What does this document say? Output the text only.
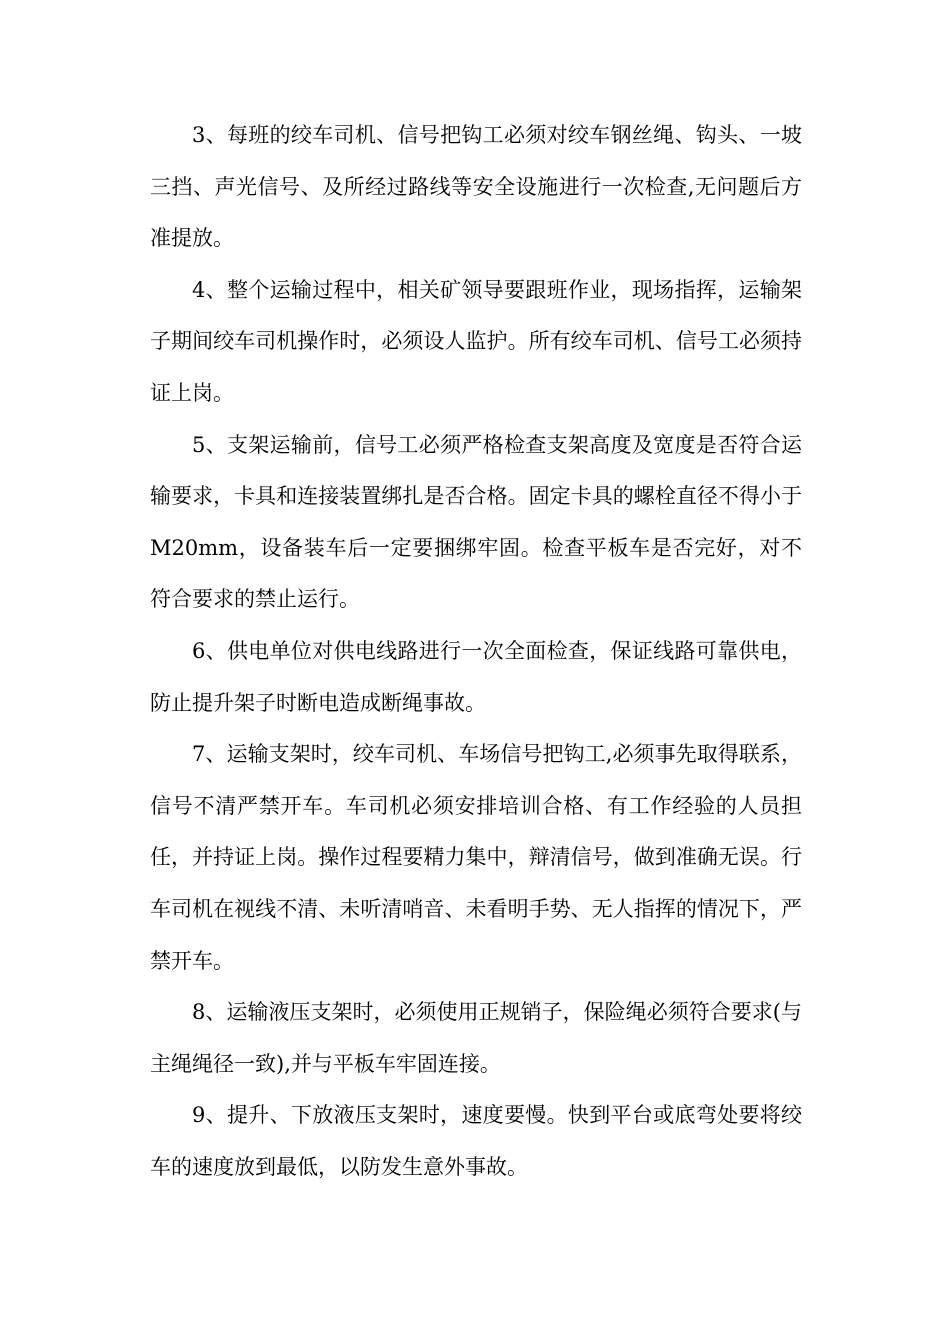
3、每班的绞车司机、信号把钩工必须对绞车钢丝绳、钩头、一坡三挡、声光信号、及所经过路线等安全设施进行一次检查,无问题后方准提放。

4、整个运输过程中，相关矿领导要跟班作业，现场指挥，运输架子期间绞车司机操作时，必须设人监护。所有绞车司机、信号工必须持证上岗。

5、支架运输前，信号工必须严格检查支架高度及宽度是否符合运输要求，卡具和连接装置绑扎是否合格。固定卡具的螺栓直径不得小于M20mm，设备装车后一定要捆绑牢固。检查平板车是否完好，对不符合要求的禁止运行。

6、供电单位对供电线路进行一次全面检查，保证线路可靠供电，防止提升架子时断电造成断绳事故。

7、运输支架时，绞车司机、车场信号把钩工,必须事先取得联系，信号不清严禁开车。车司机必须安排培训合格、有工作经验的人员担任，并持证上岗。操作过程要精力集中，辩清信号，做到准确无误。行车司机在视线不清、未听清哨音、未看明手势、无人指挥的情况下，严禁开车。

8、运输液压支架时，必须使用正规销子，保险绳必须符合要求(与主绳绳径一致),并与平板车牢固连接。

9、提升、下放液压支架时，速度要慢。快到平台或底弯处要将绞车的速度放到最低，以防发生意外事故。
